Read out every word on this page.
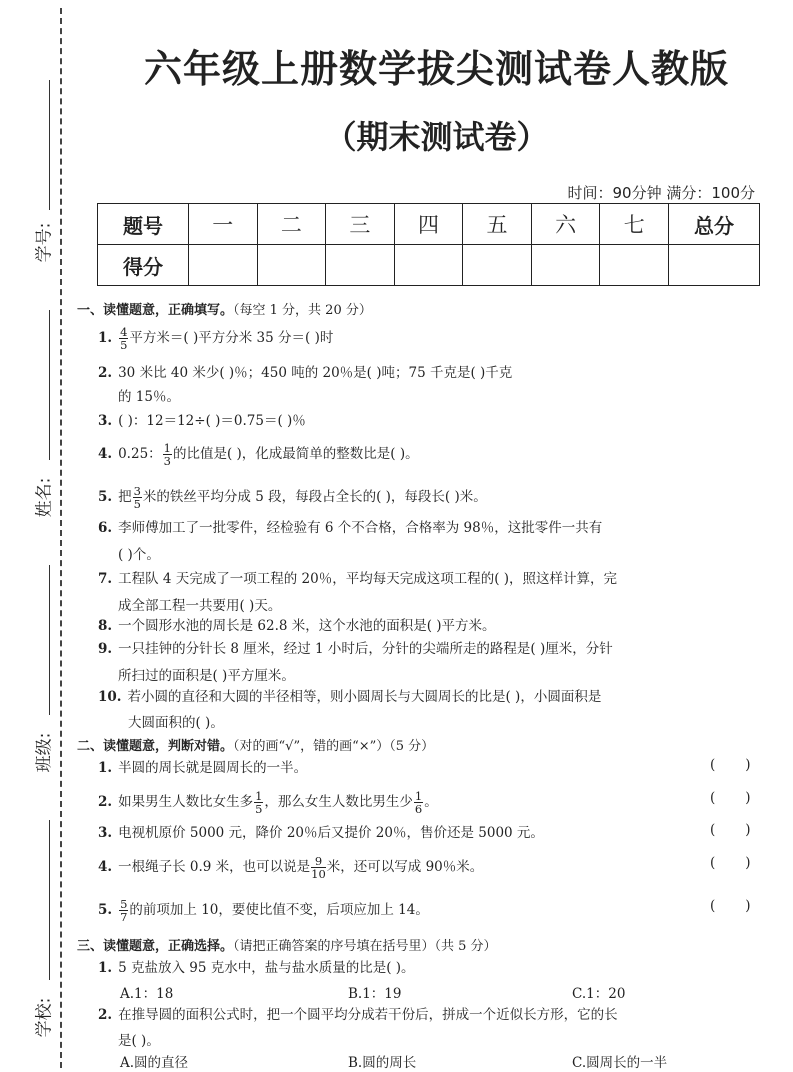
学号:
姓名:
班级:
学校:
六年级上册数学拔尖测试卷人教版
（期末测试卷）
时间：90分钟 满分：100分
题号	一	二	三	四	五	六	七	总分
得分								
一、读懂题意，正确填写。（每空 1 分，共 20 分）
1. $\frac{4}{5}$ 平方米＝( )平方分米 35 分＝( )时
2. 30 米比 40 米少( )％；450 吨的 20％是( )吨；75 千克是( )千克
的 15％。
3. ( )：12＝12÷( )＝0.75＝( )％
4. 0.25： $\frac{1}{3}$ 的比值是( )，化成最简单的整数比是( )。
5. 把 $\frac{3}{5}$ 米的铁丝平均分成 5 段，每段占全长的( )，每段长( )米。
6. 李师傅加工了一批零件，经检验有 6 个不合格，合格率为 98％，这批零件一共有
( )个。
7. 工程队 4 天完成了一项工程的 20％，平均每天完成这项工程的( )，照这样计算，完
成全部工程一共要用( )天。
8. 一个圆形水池的周长是 62.8 米，这个水池的面积是( )平方米。
9. 一只挂钟的分针长 8 厘米，经过 1 小时后，分针的尖端所走的路程是( )厘米，分针
所扫过的面积是( )平方厘米。
10. 若小圆的直径和大圆的半径相等，则小圆周长与大圆周长的比是( )，小圆面积是
大圆面积的( )。
二、读懂题意，判断对错。（对的画“√”，错的画“×”）（5 分）
1. 半圆的周长就是圆周长的一半。	(       )
2. 如果男生人数比女生多 $\frac{1}{5}$ ，那么女生人数比男生少 $\frac{1}{6}$ 。	(       )
3. 电视机原价 5000 元，降价 20％后又提价 20％，售价还是 5000 元。	(       )
4. 一根绳子长 0.9 米，也可以说是 $\frac{9}{10}$ 米，还可以写成 90％米。	(       )
5. $\frac{5}{7}$ 的前项加上 10，要使比值不变，后项应加上 14。	(       )
三、读懂题意，正确选择。（请把正确答案的序号填在括号里）（共 5 分）
1. 5 克盐放入 95 克水中，盐与盐水质量的比是( )。
A.1：18	B.1：19	C.1：20
2. 在推导圆的面积公式时，把一个圆平均分成若干份后，拼成一个近似长方形，它的长
是( )。
A.圆的直径	B.圆的周长	C.圆周长的一半
